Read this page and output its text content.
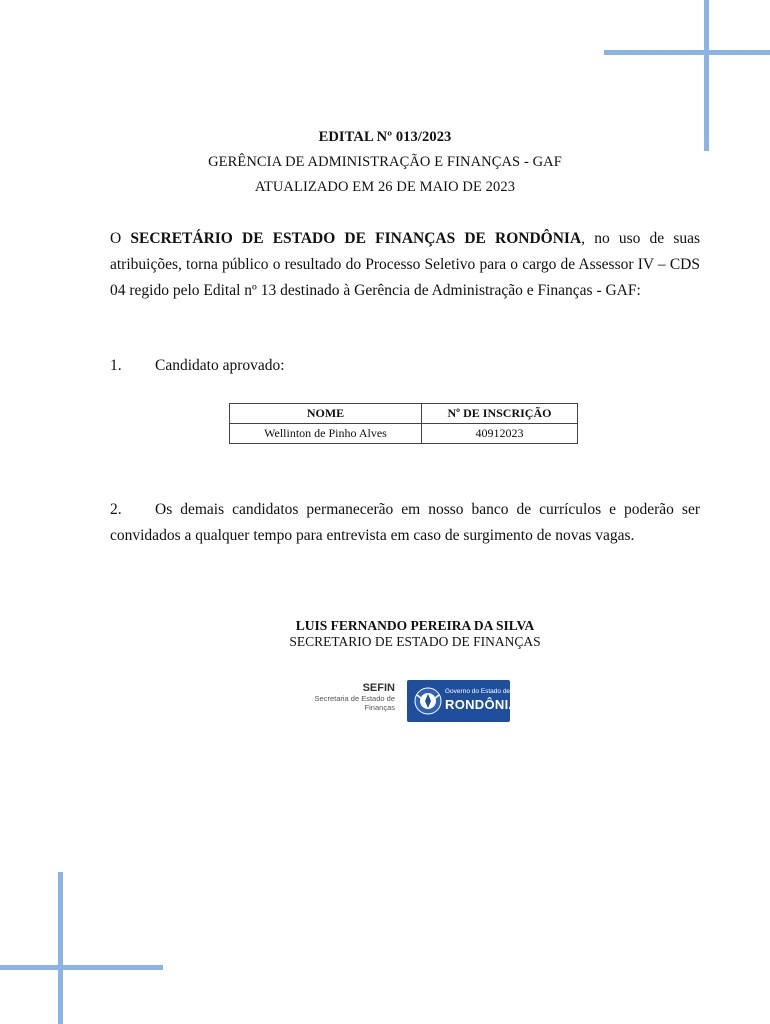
EDITAL Nº 013/2023
GERÊNCIA DE ADMINISTRAÇÃO E FINANÇAS - GAF
ATUALIZADO EM 26 DE MAIO DE 2023
O SECRETÁRIO DE ESTADO DE FINANÇAS DE RONDÔNIA, no uso de suas atribuições, torna público o resultado do Processo Seletivo para o cargo de Assessor IV – CDS 04 regido pelo Edital nº 13 destinado à Gerência de Administração e Finanças - GAF:
1. Candidato aprovado:
NOME	Nº DE INSCRIÇÃO
Wellinton de Pinho Alves	40912023
2. Os demais candidatos permanecerão em nosso banco de currículos e poderão ser convidados a qualquer tempo para entrevista em caso de surgimento de novas vagas.
LUIS FERNANDO PEREIRA DA SILVA
SECRETARIO DE ESTADO DE FINANÇAS
SEFIN
Secretaria de Estado de Finanças
Governo do Estado de
RONDÔNIA
